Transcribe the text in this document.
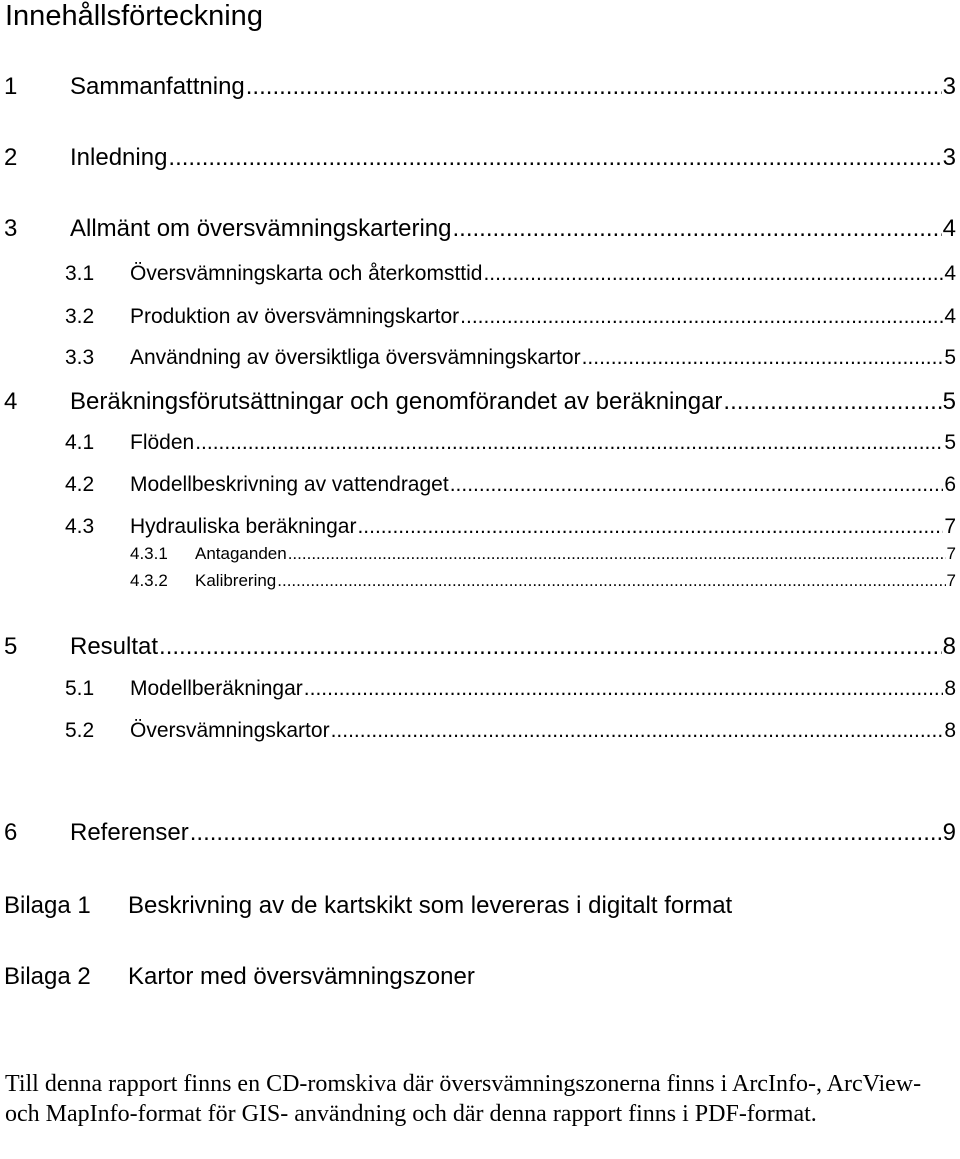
Innehållsförteckning
1	Sammanfattning .....	3
2	Inledning .....	3
3	Allmänt om översvämningskartering .....	4
3.1	Översvämningskarta och återkomsttid .....	4
3.2	Produktion av översvämningskartor .....	4
3.3	Användning av översiktliga översvämningskartor .....	5
4	Beräkningsförutsättningar och genomförandet av beräkningar .....	5
4.1	Flöden .....	5
4.2	Modellbeskrivning av vattendraget .....	6
4.3	Hydrauliska beräkningar .....	7
4.3.1	Antaganden .....	7
4.3.2	Kalibrering .....	7
5	Resultat .....	8
5.1	Modellberäkningar .....	8
5.2	Översvämningskartor .....	8
6	Referenser .....	9
Bilaga 1 Beskrivning av de kartskikt som levereras i digitalt format
Bilaga 2 Kartor med översvämningszoner

Till denna rapport finns en CD-romskiva där översvämningszonerna finns i ArcInfo-, ArcView- och MapInfo-format för GIS- användning och där denna rapport finns i PDF-format.
